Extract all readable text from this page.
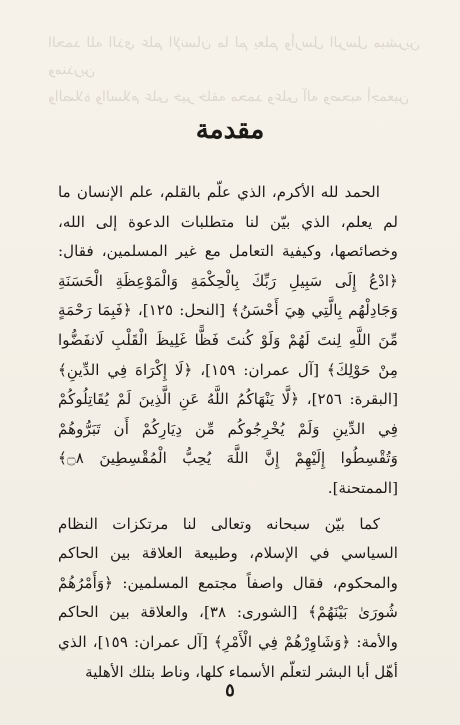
الحمد لله الذي علم الإنسان ما لم يعلم وأرسل الرسل مبشرين ومنذرين

والصلاة والسلام على خير خلقه محمد وعلى آله وصحبه أجمعين

مقدمة

الحمد لله الأكرم، الذي علّم بالقلم، علم الإنسان ما لم يعلم، الذي بيّن لنا متطلبات الدعوة إلى الله، وخصائصها، وكيفية التعامل مع غير المسلمين، فقال: ﴿ادْعُ إِلَى سَبِيلِ رَبِّكَ بِالْحِكْمَةِ وَالْمَوْعِظَةِ الْحَسَنَةِ وَجَادِلْهُم بِالَّتِي هِيَ أَحْسَنُ﴾ [النحل: ١٢٥]، ﴿فَبِمَا رَحْمَةٍ مِّنَ اللَّهِ لِنتَ لَهُمْ وَلَوْ كُنتَ فَظًّا غَلِيظَ الْقَلْبِ لَانفَضُّوا مِنْ حَوْلِكَ﴾ [آل عمران: ١٥٩]، ﴿لَا إِكْرَاهَ فِي الدِّينِ﴾ [البقرة: ٢٥٦]، ﴿لَّا يَنْهَاكُمُ اللَّهُ عَنِ الَّذِينَ لَمْ يُقَاتِلُوكُمْ فِي الدِّينِ وَلَمْ يُخْرِجُوكُم مِّن دِيَارِكُمْ أَن تَبَرُّوهُمْ وَتُقْسِطُوا إِلَيْهِمْ إِنَّ اللَّهَ يُحِبُّ الْمُقْسِطِينَ ۝٨﴾ [الممتحنة].

كما بيّن سبحانه وتعالى لنا مرتكزات النظام السياسي في الإسلام، وطبيعة العلاقة بين الحاكم والمحكوم، فقال واصفاً مجتمع المسلمين: ﴿وَأَمْرُهُمْ شُورَىٰ بَيْنَهُمْ﴾ [الشورى: ٣٨]، والعلاقة بين الحاكم والأمة: ﴿وَشَاوِرْهُمْ فِي الْأَمْرِ﴾ [آل عمران: ١٥٩]، الذي أهّل أبا البشر لتعلّم الأسماء كلها، وناط بتلك الأهلية

٥
